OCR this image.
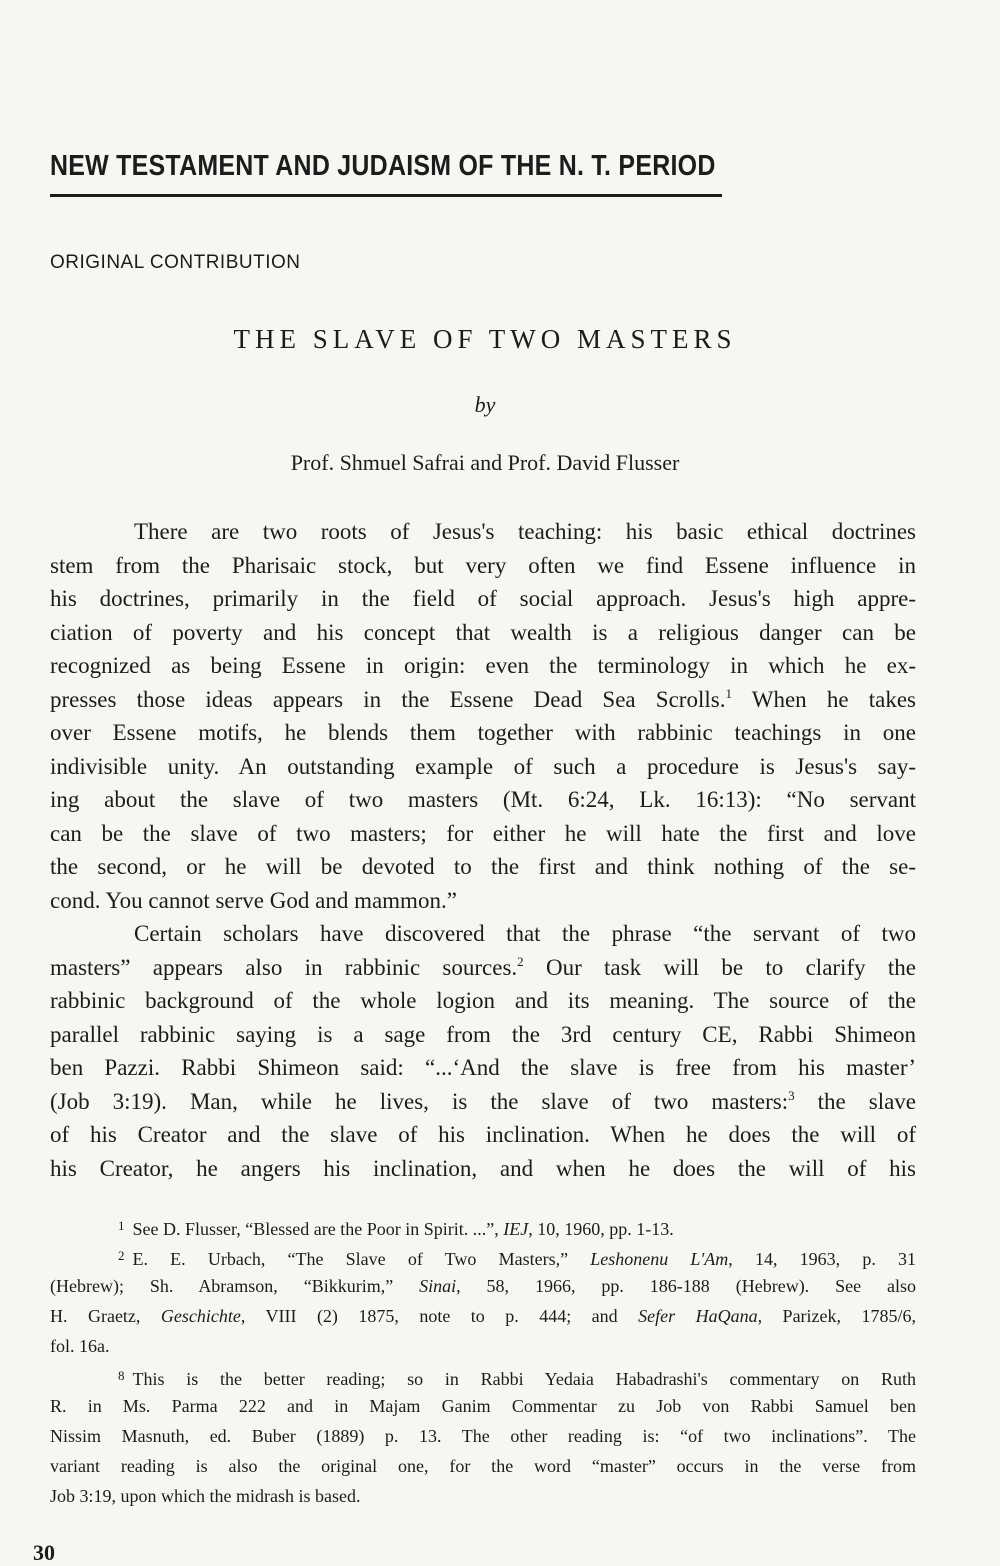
NEW TESTAMENT AND JUDAISM OF THE N. T. PERIOD
ORIGINAL CONTRIBUTION
THE SLAVE OF TWO MASTERS
by
Prof. Shmuel Safrai and Prof. David Flusser
There are two roots of Jesus's teaching: his basic ethical doctrines
stem from the Pharisaic stock, but very often we find Essene influence in
his doctrines, primarily in the field of social approach. Jesus's high appre-
ciation of poverty and his concept that wealth is a religious danger can be
recognized as being Essene in origin: even the terminology in which he ex-
presses those ideas appears in the Essene Dead Sea Scrolls.$^1$ When he takes
over Essene motifs, he blends them together with rabbinic teachings in one
indivisible unity. An outstanding example of such a procedure is Jesus's say-
ing about the slave of two masters (Mt. 6:24, Lk. 16:13): “No servant
can be the slave of two masters; for either he will hate the first and love
the second, or he will be devoted to the first and think nothing of the se-
cond. You cannot serve God and mammon.”
Certain scholars have discovered that the phrase “the servant of two
masters” appears also in rabbinic sources.$^2$ Our task will be to clarify the
rabbinic background of the whole logion and its meaning. The source of the
parallel rabbinic saying is a sage from the 3rd century CE, Rabbi Shimeon
ben Pazzi. Rabbi Shimeon said: “...‘And the slave is free from his master’
(Job 3:19). Man, while he lives, is the slave of two masters:$^3$ the slave
of his Creator and the slave of his inclination. When he does the will of
his Creator, he angers his inclination, and when he does the will of his
$^1$ See D. Flusser, “Blessed are the Poor in Spirit. ...”, IEJ, 10, 1960, pp. 1-13.
$^2$ E. E. Urbach, “The Slave of Two Masters,” Leshonenu L'Am, 14, 1963, p. 31
(Hebrew); Sh. Abramson, “Bikkurim,” Sinai, 58, 1966, pp. 186-188 (Hebrew). See also
H. Graetz, Geschichte, VIII (2) 1875, note to p. 444; and Sefer HaQana, Parizek, 1785/6,
fol. 16a.
$^8$ This is the better reading; so in Rabbi Yedaia Habadrashi's commentary on Ruth
R. in Ms. Parma 222 and in Majam Ganim Commentar zu Job von Rabbi Samuel ben
Nissim Masnuth, ed. Buber (1889) p. 13. The other reading is: “of two inclinations”. The
variant reading is also the original one, for the word “master” occurs in the verse from
Job 3:19, upon which the midrash is based.
30
